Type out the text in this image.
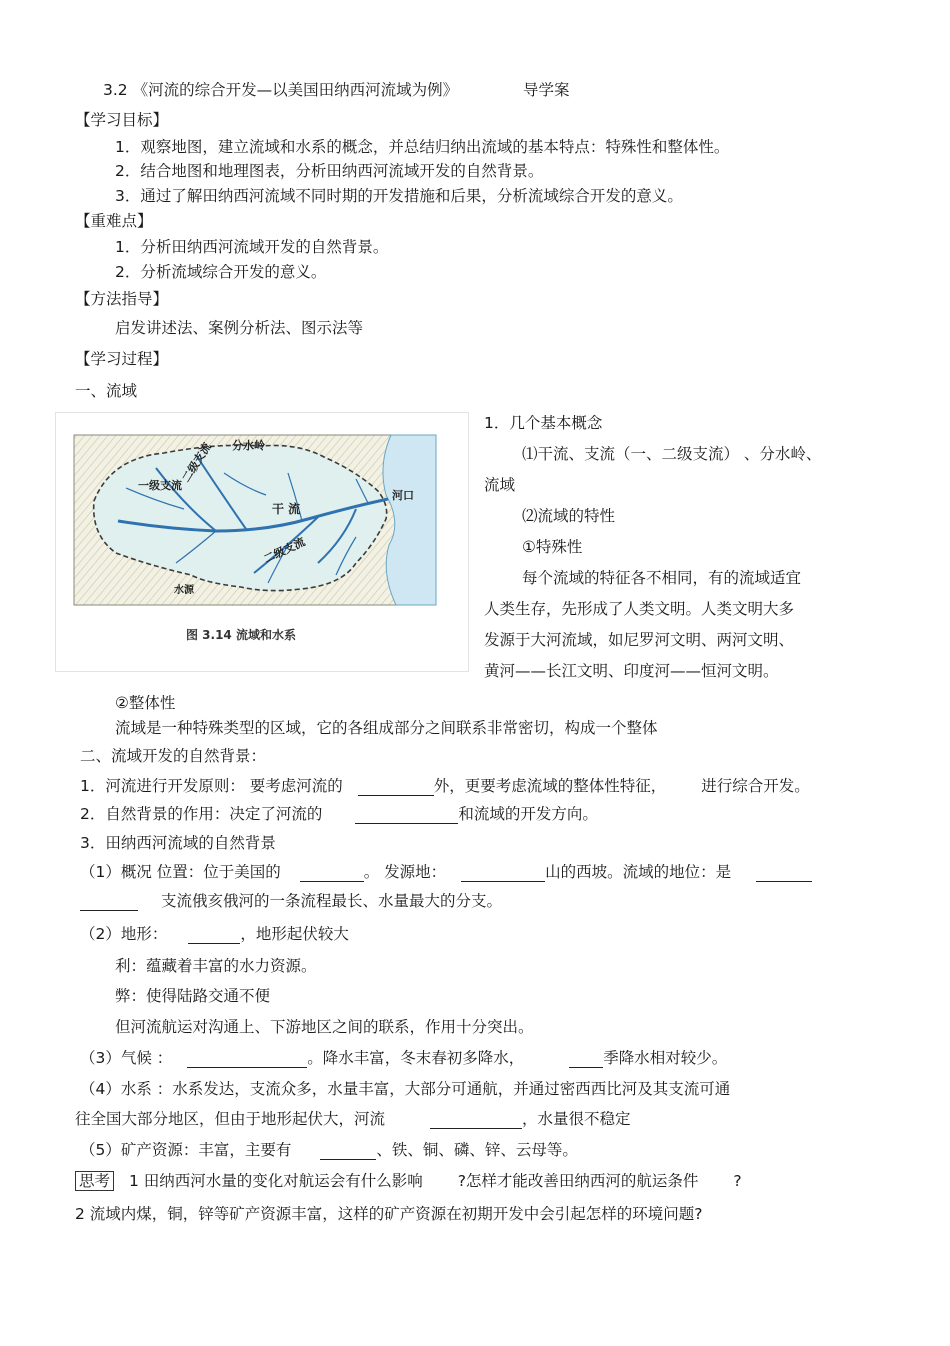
3.2 《河流的综合开发—以美国田纳西河流域为例》	导学案
【学习目标】
1．观察地图，建立流域和水系的概念，并总结归纳出流域的基本特点：特殊性和整体性。
2．结合地图和地理图表，分析田纳西河流域开发的自然背景。
3．通过了解田纳西河流域不同时期的开发措施和后果，分析流域综合开发的意义。
【重难点】
1．分析田纳西河流域开发的自然背景。
2．分析流域综合开发的意义。
【方法指导】
启发讲述法、案例分析法、图示法等
【学习过程】
一、流域
一级支流
二级支流 分水岭
干 流
二级支流
河口
水源
图 3.14 流域和水系
1．几个基本概念
⑴干流、支流（一、二级支流） 、分水岭、
流域
⑵流域的特性
①特殊性
每个流域的特征各不相同，有的流域适宜
人类生存，先形成了人类文明。人类文明大多
发源于大河流域，如尼罗河文明、两河文明、
黄河——长江文明、印度河——恒河文明。
②整体性
流域是一种特殊类型的区域，它的各组成部分之间联系非常密切，构成一个整体
二、流域开发的自然背景：
1．河流进行开发原则： 要考虑河流的	外，更要考虑流域的整体性特征， 进行综合开发。
2．自然背景的作用：决定了河流的	和流域的开发方向。
3．田纳西河流域的自然背景
（1）概况 位置：位于美国的	。 发源地：	山的西坡。流域的地位：是
支流俄亥俄河的一条流程最长、水量最大的分支。
（2）地形：	，地形起伏较大
利：蕴藏着丰富的水力资源。
弊：使得陆路交通不便
但河流航运对沟通上、下游地区之间的联系，作用十分突出。
（3）气候 ：	。降水丰富，冬末春初多降水，	季降水相对较少。
（4）水系 ：水系发达，支流众多，水量丰富，大部分可通航，并通过密西西比河及其支流可通
往全国大部分地区，但由于地形起伏大，河流	，水量很不稳定
（5）矿产资源：丰富，主要有	、铁、铜、磷、锌、云母等。
思考 1 田纳西河水量的变化对航运会有什么影响 ?怎样才能改善田纳西河的航运条件 ?
2 流域内煤，铜，锌等矿产资源丰富，这样的矿产资源在初期开发中会引起怎样的环境问题?
